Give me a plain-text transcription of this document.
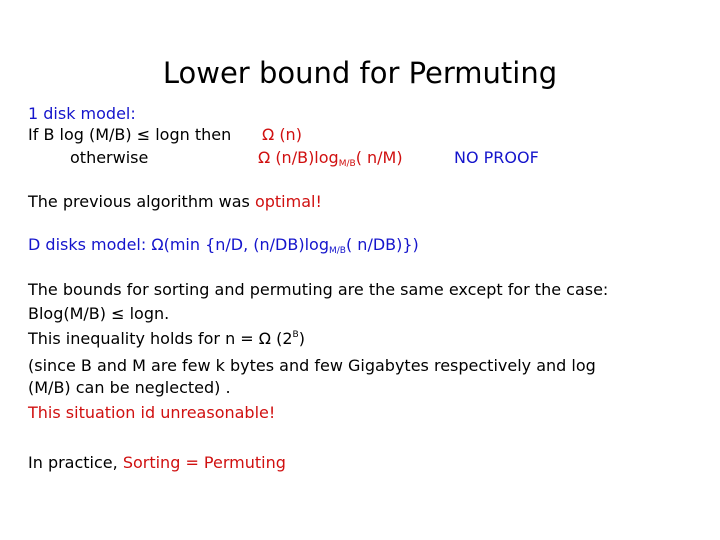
Lower bound for Permuting
1 disk model:
If B log (M/B) ≤ logn then Ω (n)
otherwise	Ω $(n/B)\log_{M/B}$( n/M)	NO PROOF
The previous algorithm was optimal!
D disks model: Ω(min {n/D, $(n/DB)\log_{M/B}$( n/DB)})
The bounds for sorting and permuting are the same except for the case:
Blog(M/B) ≤ logn.
This inequality holds for n = Ω $(2^B)$
(since B and M are few k bytes and few Gigabytes respectively and log
(M/B) can be neglected) .
This situation id unreasonable!
In practice, Sorting = Permuting
